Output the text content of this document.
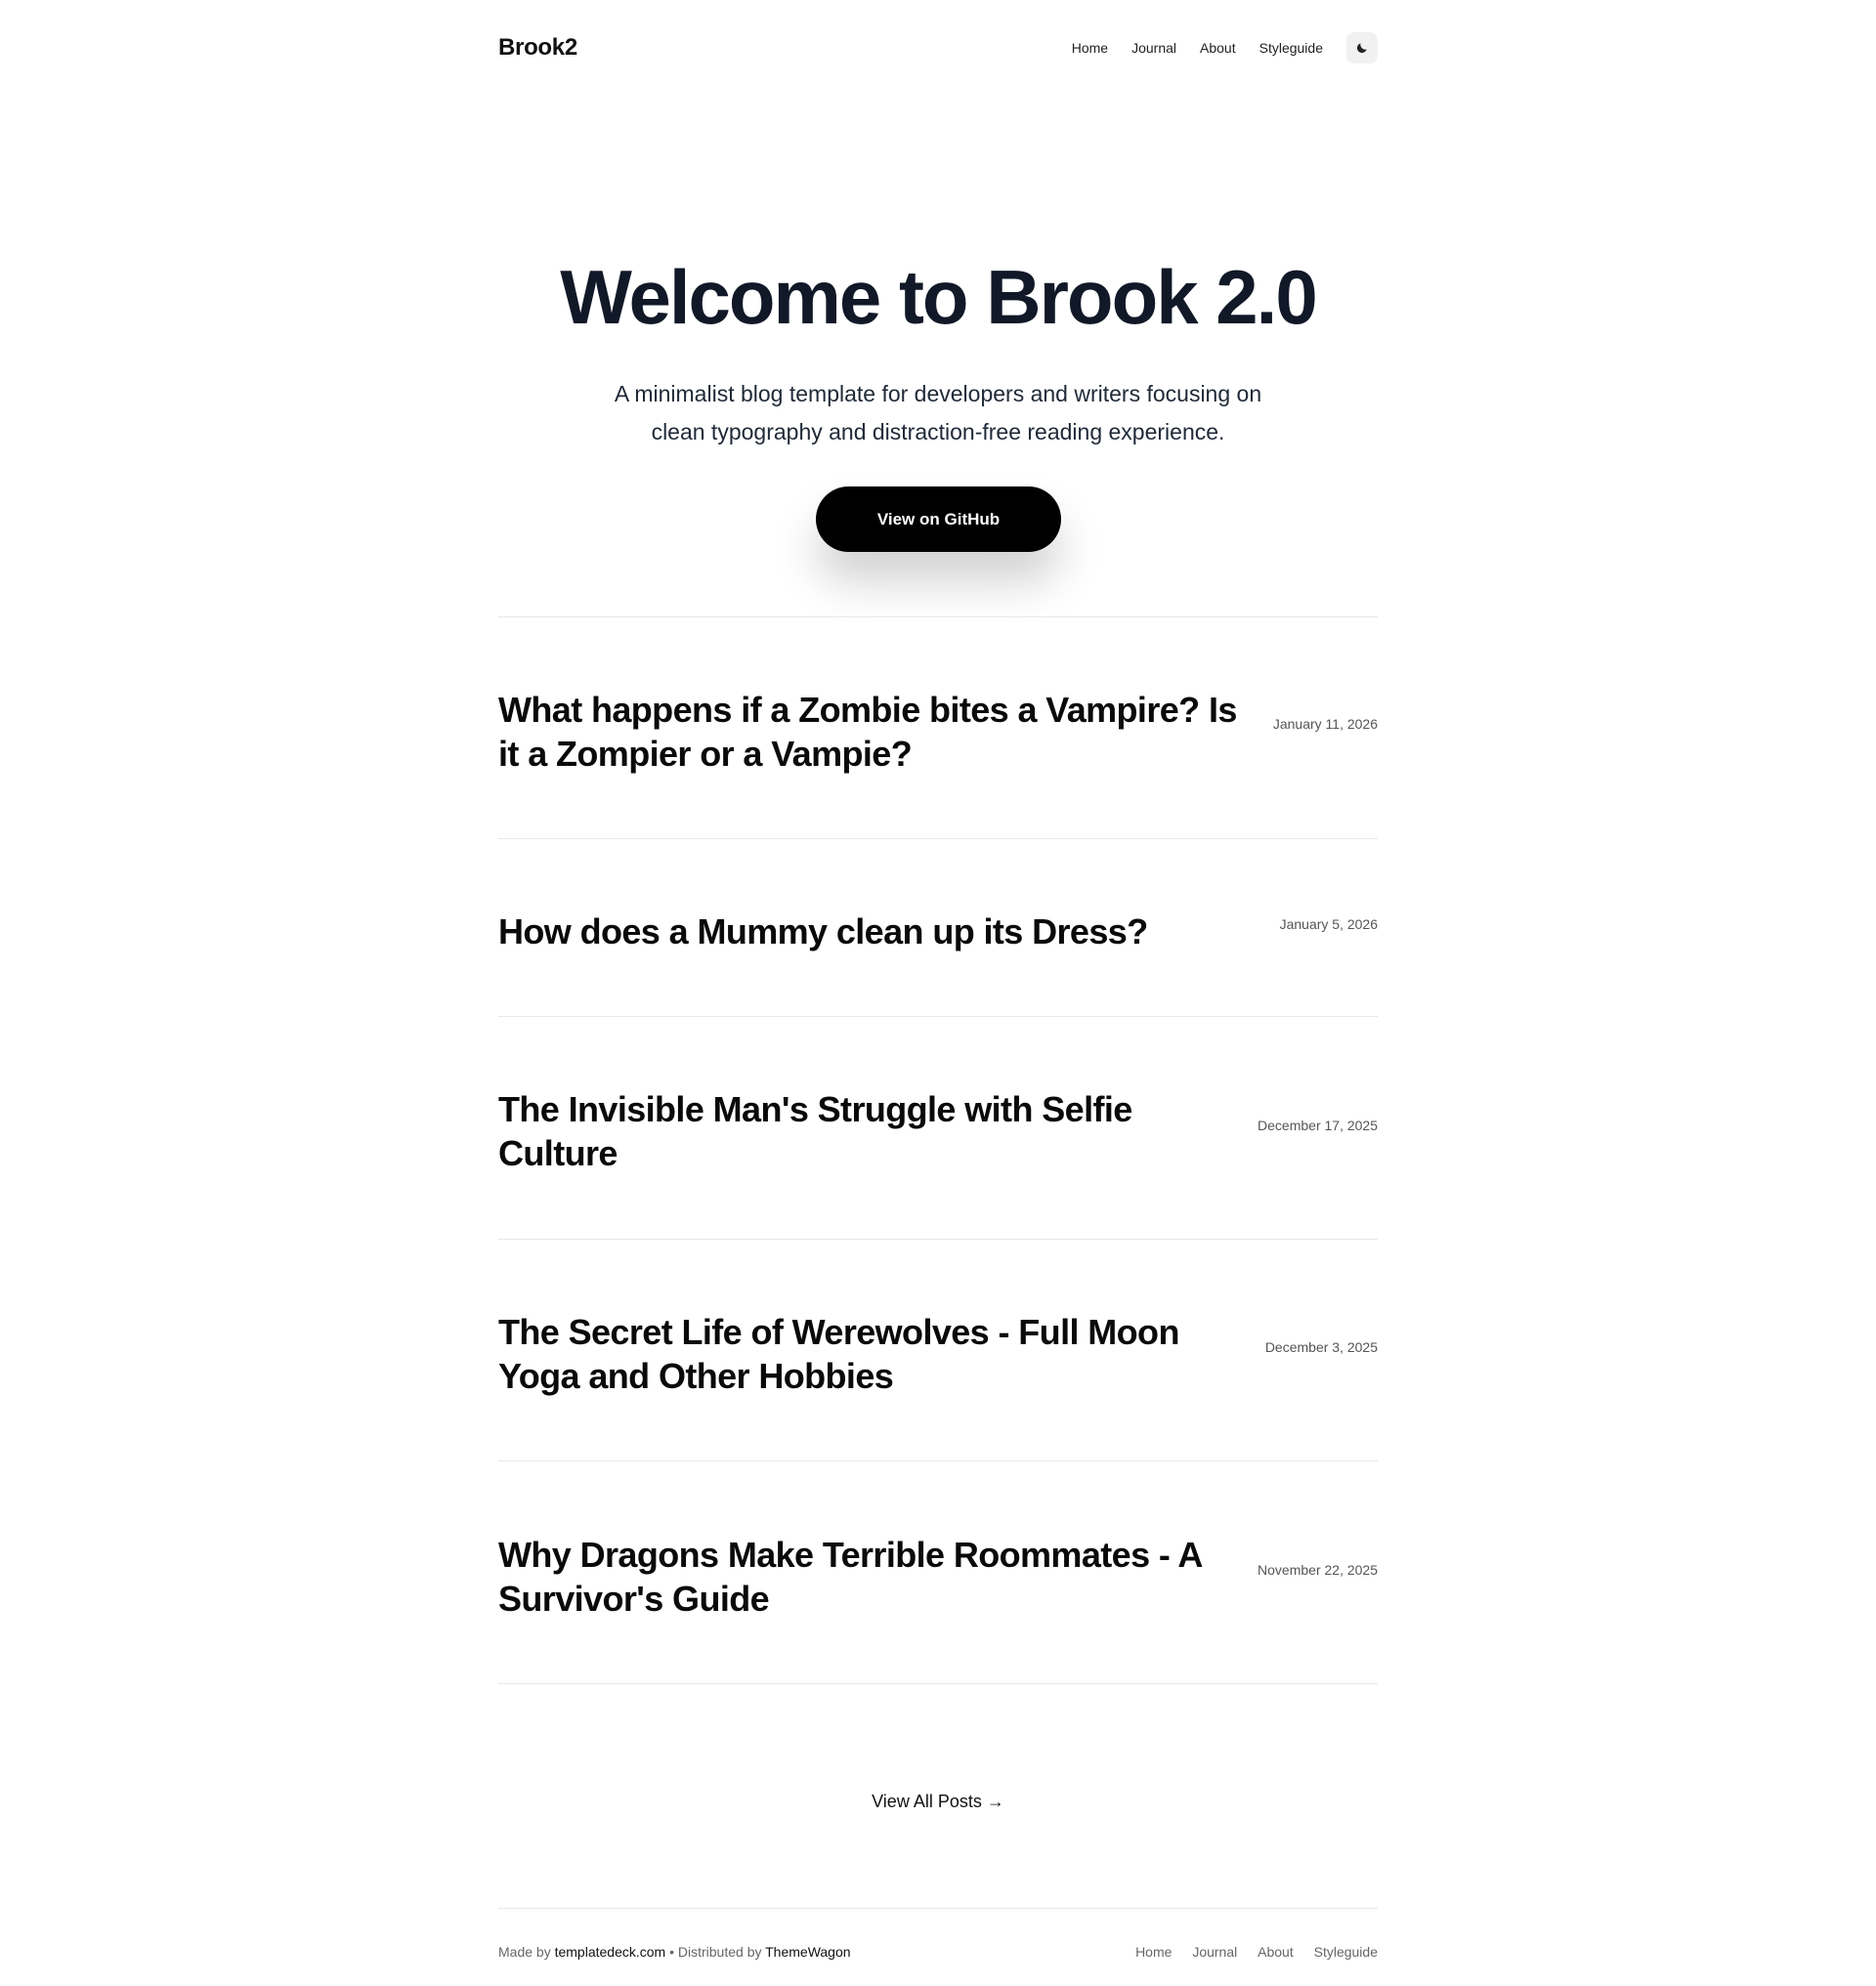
Brook2	Home Journal About Styleguide
Welcome to Brook 2.0

A minimalist blog template for developers and writers focusing on
clean typography and distraction-free reading experience.

View on GitHub
What happens if a Zombie bites a Vampire? Is
it a Zompier or a Vampie?
January 11, 2026
How does a Mummy clean up its Dress?	January 5, 2026
The Invisible Man's Struggle with Selfie
Culture
December 17, 2025
The Secret Life of Werewolves - Full Moon
Yoga and Other Hobbies
December 3, 2025
Why Dragons Make Terrible Roommates - A
Survivor's Guide
November 22, 2025
View All Posts →
Made by templatedeck.com • Distributed by ThemeWagon	Home Journal About Styleguide
